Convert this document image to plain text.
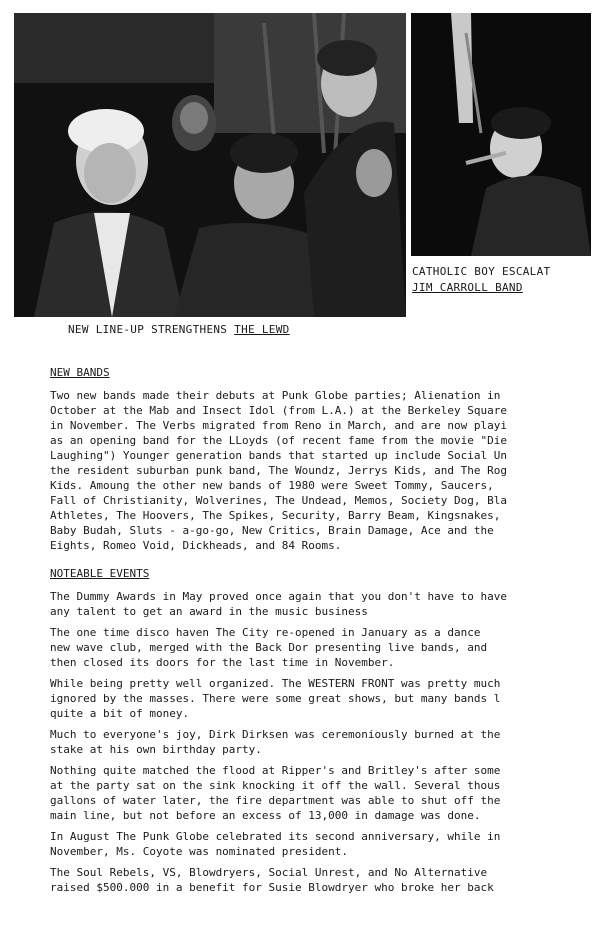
CATHOLIC BOY ESCALAT
JIM CARROLL BAND
NEW LINE-UP STRENGTHENS THE LEWD
NEW BANDS
Two new bands made their debuts at Punk Globe parties; Alienation in
October at the Mab and Insect Idol (from L.A.) at the Berkeley Square
in November. The Verbs migrated from Reno in March, and are now playi
as an opening band for the LLoyds (of recent fame from the movie "Die
Laughing") Younger generation bands that started up include Social Un
the resident suburban punk band, The Woundz, Jerrys Kids, and The Rog
Kids. Amoung the other new bands of 1980 were Sweet Tommy, Saucers,
Fall of Christianity, Wolverines, The Undead, Memos, Society Dog, Bla
Athletes, The Hoovers, The Spikes, Security, Barry Beam, Kingsnakes,
Baby Budah, Sluts - a-go-go, New Critics, Brain Damage, Ace and the
Eights, Romeo Void, Dickheads, and 84 Rooms.
NOTEABLE EVENTS
The Dummy Awards in May proved once again that you don't have to have
any talent to get an award in the music business
The one time disco haven The City re-opened in January as a dance
new wave club, merged with the Back Dor presenting live bands, and
then closed its doors for the last time in November.
While being pretty well organized. The WESTERN FRONT was pretty much
ignored by the masses. There were some great shows, but many bands l
quite a bit of money.
Much to everyone's joy, Dirk Dirksen was ceremoniously burned at the
stake at his own birthday party.
Nothing quite matched the flood at Ripper's and Britley's after some
at the party sat on the sink knocking it off the wall. Several thous
gallons of water later, the fire department was able to shut off the
main line, but not before an excess of 13,000 in damage was done.
In August The Punk Globe celebrated its second anniversary, while in
November, Ms. Coyote was nominated president.
The Soul Rebels, VS, Blowdryers, Social Unrest, and No Alternative
raised $500.000 in a benefit for Susie Blowdryer who broke her back
